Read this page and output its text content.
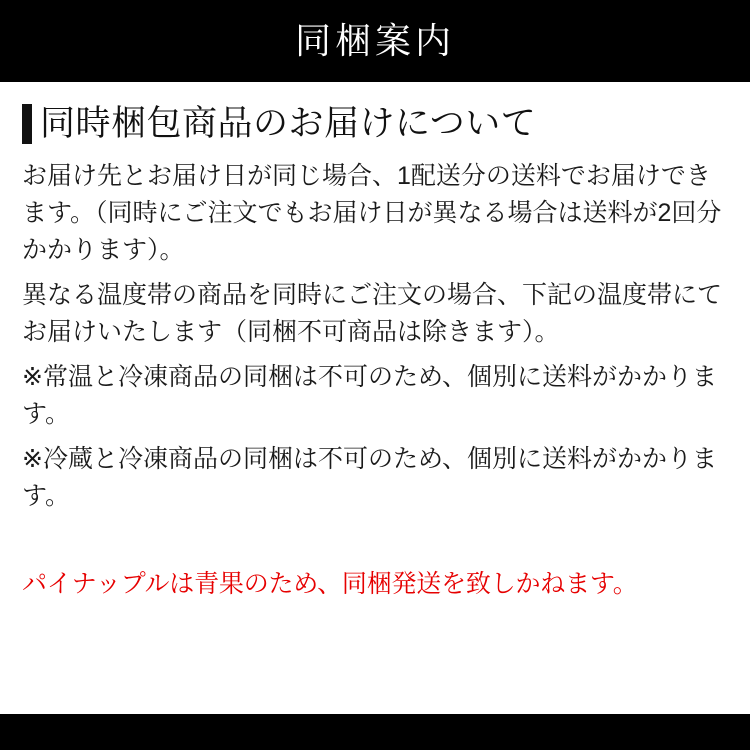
同梱案内
同時梱包商品のお届けについて

お届け先とお届け日が同じ場合、1配送分の送料でお届けできます。（同時にご注文でもお届け日が異なる場合は送料が2回分かかります）。

異なる温度帯の商品を同時にご注文の場合、下記の温度帯にてお届けいたします（同梱不可商品は除きます）。

※常温と冷凍商品の同梱は不可のため、個別に送料がかかります。

※冷蔵と冷凍商品の同梱は不可のため、個別に送料がかかります。

パイナップルは青果のため、同梱発送を致しかねます。
